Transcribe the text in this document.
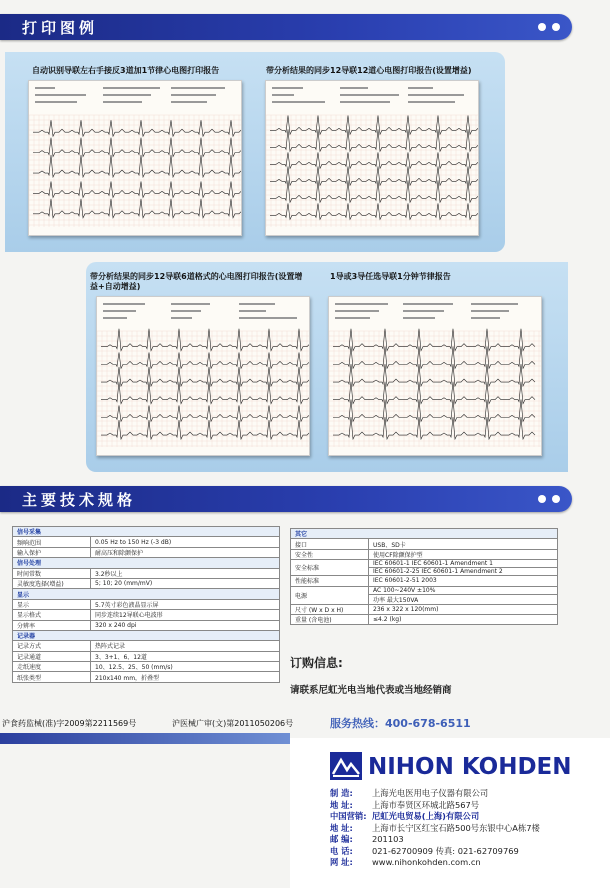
打印图例
自动识别导联左右手接反3道加1节律心电图打印报告	带分析结果的同步12导联12道心电图打印报告(设置增益)
带分析结果的同步12导联6道格式的心电图打印报告(设置增益+自动增益)
1导或3导任选导联1分钟节律报告
主要技术规格
信号采集	
频响范围	0.05 Hz to 150 Hz (-3 dB)

输入保护	耐高压和除颤保护

信号处理	
时间常数	3.2秒以上

灵敏度选择(增益)	5; 10; 20 (mm/mV)

显示	
显示	5.7英寸彩色液晶显示屏

显示格式	同步连续12导联心电波形

分辨率	320 x 240 dpi

记录器	
记录方式	热阵式记录

记录通道	3、3+1、6、12道

走纸速度	10、12.5、25、50 (mm/s)

纸张类型	210x140 mm，折叠型
其它	
接口	USB、SD卡

安全性	使用CF除颤保护型

安全标准	IEC 60601-1 IEC 60601-1 Amendment 1
IEC 60601-2-25 IEC 60601-1 Amendment 2

性能标准	IEC 60601-2-51 2003

电源	AC 100~240V ±10%
功率 最大150VA

尺寸 (W x D x H)	236 x 322 x 120(mm)

重量 (含电池)	≤4.2 (kg)
订购信息:
请联系尼虹光电当地代表或当地经销商
沪食药监械(准)字2009第2211569号	沪医械广审(文)第2011050206号	服务热线：400-678-6511
NIHON KOHDEN
制 造:	上海光电医用电子仪器有限公司
地 址:	上海市奉贤区环城北路567号
中国营销: 尼虹光电贸易(上海)有限公司
地 址:	上海市长宁区红宝石路500号东银中心A栋7楼
邮 编:	201103
电 话:	021-62700909 传真: 021-62709769
网 址:	www.nihonkohden.com.cn
